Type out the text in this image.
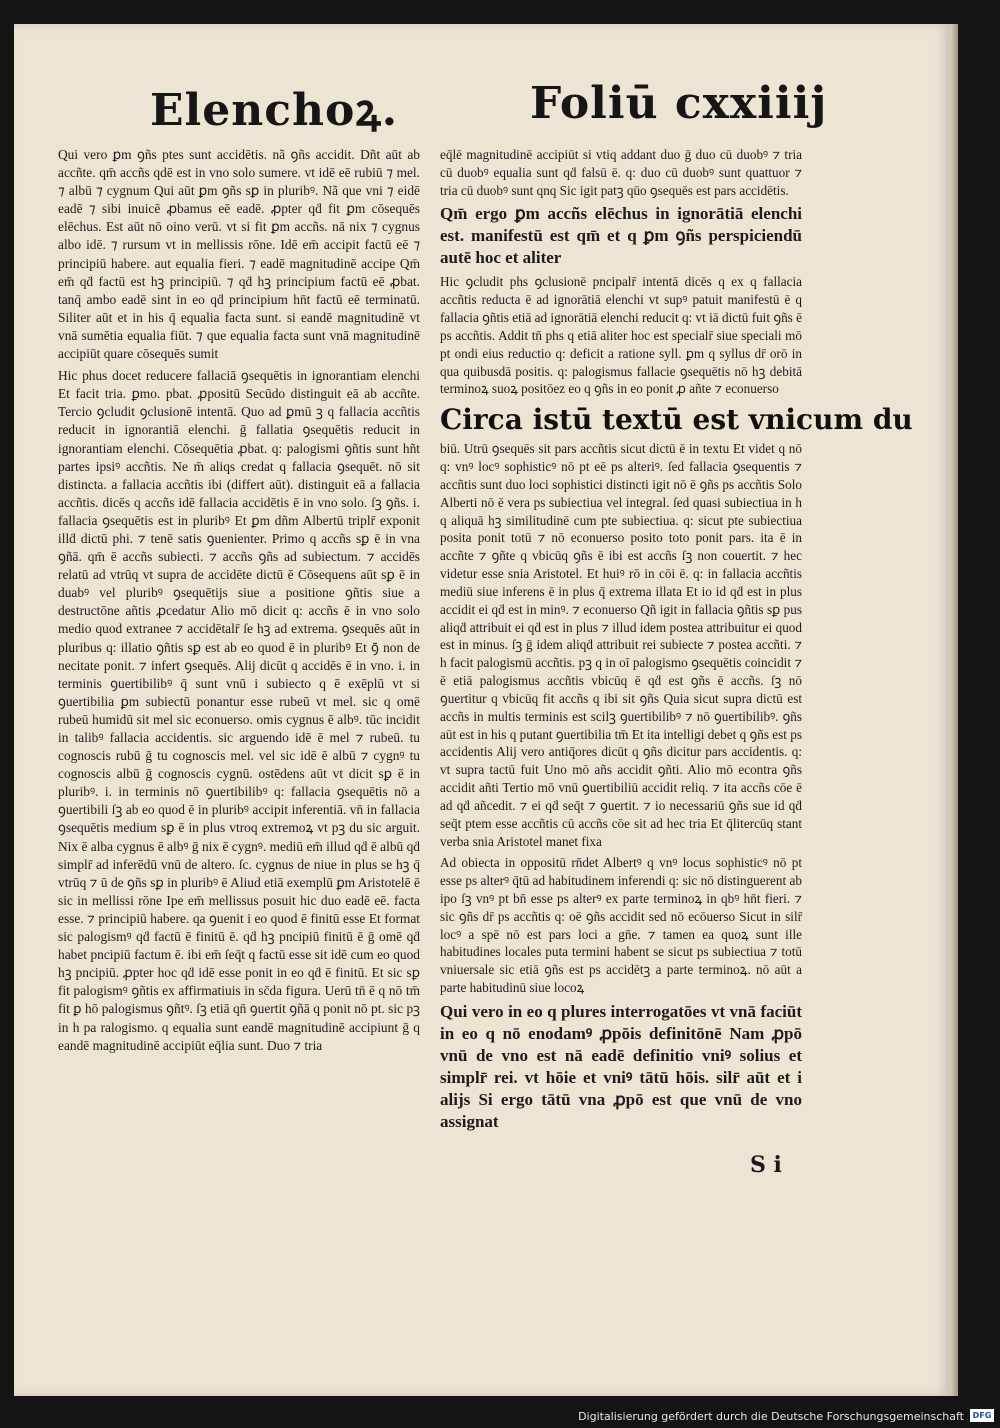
Elenchoꝝ.	Foliū cxxiiij

Qui vero ꝑm ꝯñs ptes sunt accidētis. nã ꝯñs accidit. Dñt aūt ab accñte. qm̄ accñs qdē est in vno solo sumere. vt idē eē rubiū ⁊ mel. ⁊ albū ⁊ cygnum Qui aūt ꝑm ꝯñs sꝑ in pluribꝰ. Nã que vni ⁊ eidē eadē ⁊ sibi inuicē ꝓbamus eē eadē. ꝓpter qḋ fit ꝑm cōsequēs elēchus. Est aūt nō oino verū. vt si fit ꝑm accñs. nā nix ⁊ cygnus albo idē. ⁊ rursum vt in mellissis rōne. Idē em̄ accipit factū eē ⁊ principiū habere. aut equalia fieri. ⁊ eadē magnitudinē accipe Qm̄ em̄ qḋ factū est hꝫ principiū. ⁊ qḋ hꝫ principium factū eē ꝓbat. tanq̄ ambo eadē sint in eo qḋ principium hn̄t factū eē terminatū. Siliter aūt et in his q̄ equalia facta sunt. si eandē magnitudinē vt vnā sumētia equalia fiūt. ⁊ que equalia facta sunt vnā magnitudinē accipiūt quare cōsequēs sumit

Hic phus docet reducere fallaciā ꝯsequētis in ignorantiam elenchi Et facit tria. ꝑmo. pbat. ꝓpositū Secūdo distinguit eā ab accñte. Tercio ꝯcludit ꝯclusionē intentā. Quo ad ꝑmū ꝫ q fallacia accñtis reducit in ignorantiā elenchi. ḡ fallatia ꝯsequētis reducit in ignorantiam elenchi. Cōsequētia ꝓbat. q: palogismi ꝯñtis sunt hñt partes ipsiꝰ accñtis. Ne m̄ aliqs credat q fallacia ꝯsequēt. nō sit distincta. a fallacia accñtis ibi (differt aūt). distinguit eā a fallacia accñtis. dicēs q accñs idē fallacia accidētis ē in vno solo. ſꝫ ꝯñs. i. fallacia ꝯsequētis est in pluribꝰ Et ꝑm dñm Albertū triplr̄ exponit illḋ dictū phi. ⁊ tenē satis ꝯuenienter. Primo q accñs sꝑ ē in vna ꝯñā. qm̄ ē accñs subiecti. ⁊ accñs ꝯñs ad subiectum. ⁊ accidēs relatū ad vtrūq vt supra de accidēte dictū ē Cōsequens aūt sꝑ ē in duabꝰ vel pluribꝰ ꝯsequētijs siue a positione ꝯñtis siue a destructōne añtis ꝓcedatur Alio mō dicit q: accñs ē in vno solo medio quod extranee ⁊ accidētalr̄ ſe hꝫ ad extrema. ꝯsequēs aūt in pluribus q: illatio ꝯñtis sꝑ est ab eo quod ē in pluribꝰ Et ꝯ̄ non de necitate ponit. ⁊ infert ꝯsequēs. Alij dicūt q accidēs ē in vno. i. in terminis ꝯuertibilibꝰ q̄ sunt vnū i subiecto q ē exēplū vt si ꝯuertibilia ꝑm subiectū ponantur esse rubeū vt mel. sic q omē rubeū humidū sit mel sic econuerso. omis cygnus ē albꝰ. tūc incidit in talibꝰ fallacia accidentis. sic arguendo idē ē mel ⁊ rubeū. tu cognoscis rubū ḡ tu cognoscis mel. vel sic idē ē albū ⁊ cygnꝰ tu cognoscis albū ḡ cognoscis cygnū. ostēdens aūt vt dicit sꝑ ē in pluribꝰ. i. in terminis nō ꝯuertibilibꝰ q: fallacia ꝯsequētis nō a ꝯuertibili ſꝫ ab eo quod ē in pluribꝰ accipit inferentiā. vn̄ in fallacia ꝯsequētis medium sꝑ ē in plus vtroq extremoꝝ vt pꝫ du sic arguit. Nix ē alba cygnus ē albꝰ ḡ nix ē cygnꝰ. mediū em̄ illud qḋ ē albū qḋ simplr̄ ad inferēdū vnū de altero. ſc. cygnus de niue in plus se hꝫ q̄ vtrūq ⁊ ū de ꝯñs sꝑ in pluribꝰ ē Aliud etiā exemplū ꝑm Aristotelē ē sic in mellissi rōne Ipe em̄ mellissus posuit hic duo eadē eē. facta esse. ⁊ principiū habere. qa ꝯuenit i eo quod ē finitū esse Et format sic palogismꝰ qḋ factū ē finitū ē. qḋ hꝫ pncipiū finitū ē ḡ omē qḋ habet pncipiū factum ē. ibi em̄ ſeq̄t q factū esse sit idē cum eo quod hꝫ pncipiū. ꝓpter hoc qḋ idē esse ponit in eo qḋ ē finitū. Et sic sꝑ fit palogismꝰ ꝯñtis ex affirmatiuis in sc̄da figura. Uerū tn̄ ē q nō tm̄ fit ꝑ hō palogismus ꝯñtꝰ. ſꝫ etiā qn̄ ꝯuertit ꝯñā q ponit nō pt. sic pꝫ in h pa ralogismo. q equalia sunt eandē magnitudinē accipiunt ḡ q eandē magnitudinē accipiūt eq̄lia sunt. Duo ⁊ tria

eq̄lē magnitudinē accipiūt si vtiq addant duo ḡ duo cū duobꝰ ⁊ tria cū duobꝰ equalia sunt qḋ falsū ē. q: duo cū duobꝰ sunt quattuor ⁊ tria cū duobꝰ sunt qnq Sic igit patꝫ qūo ꝯsequēs est pars accidētis.

Qm̄ ergo ꝑm accñs elēchus in ignorātiā elenchi est. manifestū est qm̄ et q ꝑm ꝯñs perspiciendū autē hoc et aliter

Hic ꝯcludit phs ꝯclusionē pncipalr̄ intentā dicēs q ex q fallacia accñtis reducta ē ad ignorātiā elenchi vt supꝰ patuit manifestū ē q fallacia ꝯñtis etiā ad ignorātiā elenchi reducit q: vt iā dictū fuit ꝯñs ē ps accñtis. Addit tn̄ phs q etiā aliter hoc est specialr̄ siue speciali mō pt ondi eius reductio q: deficit a ratione syll. ꝑm q syllus dr̄ orō in qua quibusdā positis. q: palogismus fallacie ꝯsequētis nō hꝫ debitā terminoꝝ suoꝝ positōez eo q ꝯñs in eo ponit ꝓ añte ⁊ econuerso

Circa istū textū est vnicum du

biū. Utrū ꝯsequēs sit pars accñtis sicut dictū ē in textu Et videt q nō q: vnꝰ locꝰ sophisticꝰ nō pt eē ps alteriꝰ. ſed fallacia ꝯsequentis ⁊ accñtis sunt duo loci sophistici distincti igit nō ē ꝯñs ps accñtis Solo Alberti nō ē vera ps subiectiua vel integral. ſed quasi subiectiua in h q aliquā hꝫ similitudinē cum pte subiectiua. q: sicut pte subiectiua posita ponit totū ⁊ nō econuerso posito toto ponit pars. ita ē in accñte ⁊ ꝯñte q vbicūq ꝯñs ē ibi est accñs ſꝫ non couertit. ⁊ hec videtur esse snia Aristotel. Et huiꝰ rō in cōi ē. q: in fallacia accñtis mediū siue inferens ē in plus q̄ extrema illata Et io id qḋ est in plus accidit ei qḋ est in minꝰ. ⁊ econuerso Qñ igit in fallacia ꝯñtis sꝑ pus aliqḋ attribuit ei qḋ est in plus ⁊ illud idem postea attribuitur ei quod est in minus. ſꝫ ḡ idem aliqḋ attribuit rei subiecte ⁊ postea accñti. ⁊ h facit palogismū accñtis. pꝫ q in oī palogismo ꝯsequētis coincidit ⁊ ē etiā palogismus accñtis vbicūq ē qḋ est ꝯñs ē accñs. ſꝫ nō ꝯuertitur q vbicūq fit accñs q ibi sit ꝯñs Quia sicut supra dictū est accñs in multis terminis est scilꝫ ꝯuertibilibꝰ ⁊ nō ꝯuertibilibꝰ. ꝯñs aūt est in his q putant ꝯuertibilia tm̄ Et ita intelligi debet q ꝯñs est ps accidentis Alij vero antiq̄ores dicūt q ꝯñs dicitur pars accidentis. q: vt supra tactū fuit Uno mō añs accidit ꝯñti. Alio mō econtra ꝯñs accidit añti Tertio mō vnū ꝯuertibiliū accidit reliq. ⁊ ita accñs cōe ē ad qḋ añcedit. ⁊ ei qḋ seq̄t ⁊ ꝯuertit. ⁊ io necessariū ꝯñs sue id qḋ seq̄t ptem esse accñtis cū accñs cōe sit ad hec tria Et q̄litercūq stant verba snia Aristotel manet fixa

Ad obiecta in oppositū rn̄det Albertꝰ q vnꝰ locus sophisticꝰ nō pt esse ps alterꝰ q̄tū ad habitudinem inferendi q: sic nō distinguerent ab ipo ſꝫ vnꝰ pt bn̄ esse ps alterꝰ ex parte terminoꝝ in qbꝰ hn̄t fieri. ⁊ sic ꝯñs dr̄ ps accñtis q: oē ꝯñs accidit sed nō ecōuerso Sicut in silr̄ locꝰ a spē nō est pars loci a gn̄e. ⁊ tamen ea quoꝝ sunt ille habitudines locales puta termini habent se sicut ps subiectiua ⁊ totū vniuersale sic etiā ꝯñs est ps accidētꝫ a parte terminoꝝ. nō aūt a parte habitudinū siue locoꝝ

Qui vero in eo q plures interrogatōes vt vnā faciūt in eo q nō enodamꝰ ꝓpōis definitōnē Nam ꝓpō vnū de vno est nā eadē definitio vniꝰ solius et simplr̄ rei. vt hōie et vniꝰ tātū hōis. silr̄ aūt et i alijs Si ergo tātū vna ꝓpō est que vnū de vno assignat

S i
Digitalisierung gefördert durch die Deutsche Forschungsgemeinschaft	DFG
